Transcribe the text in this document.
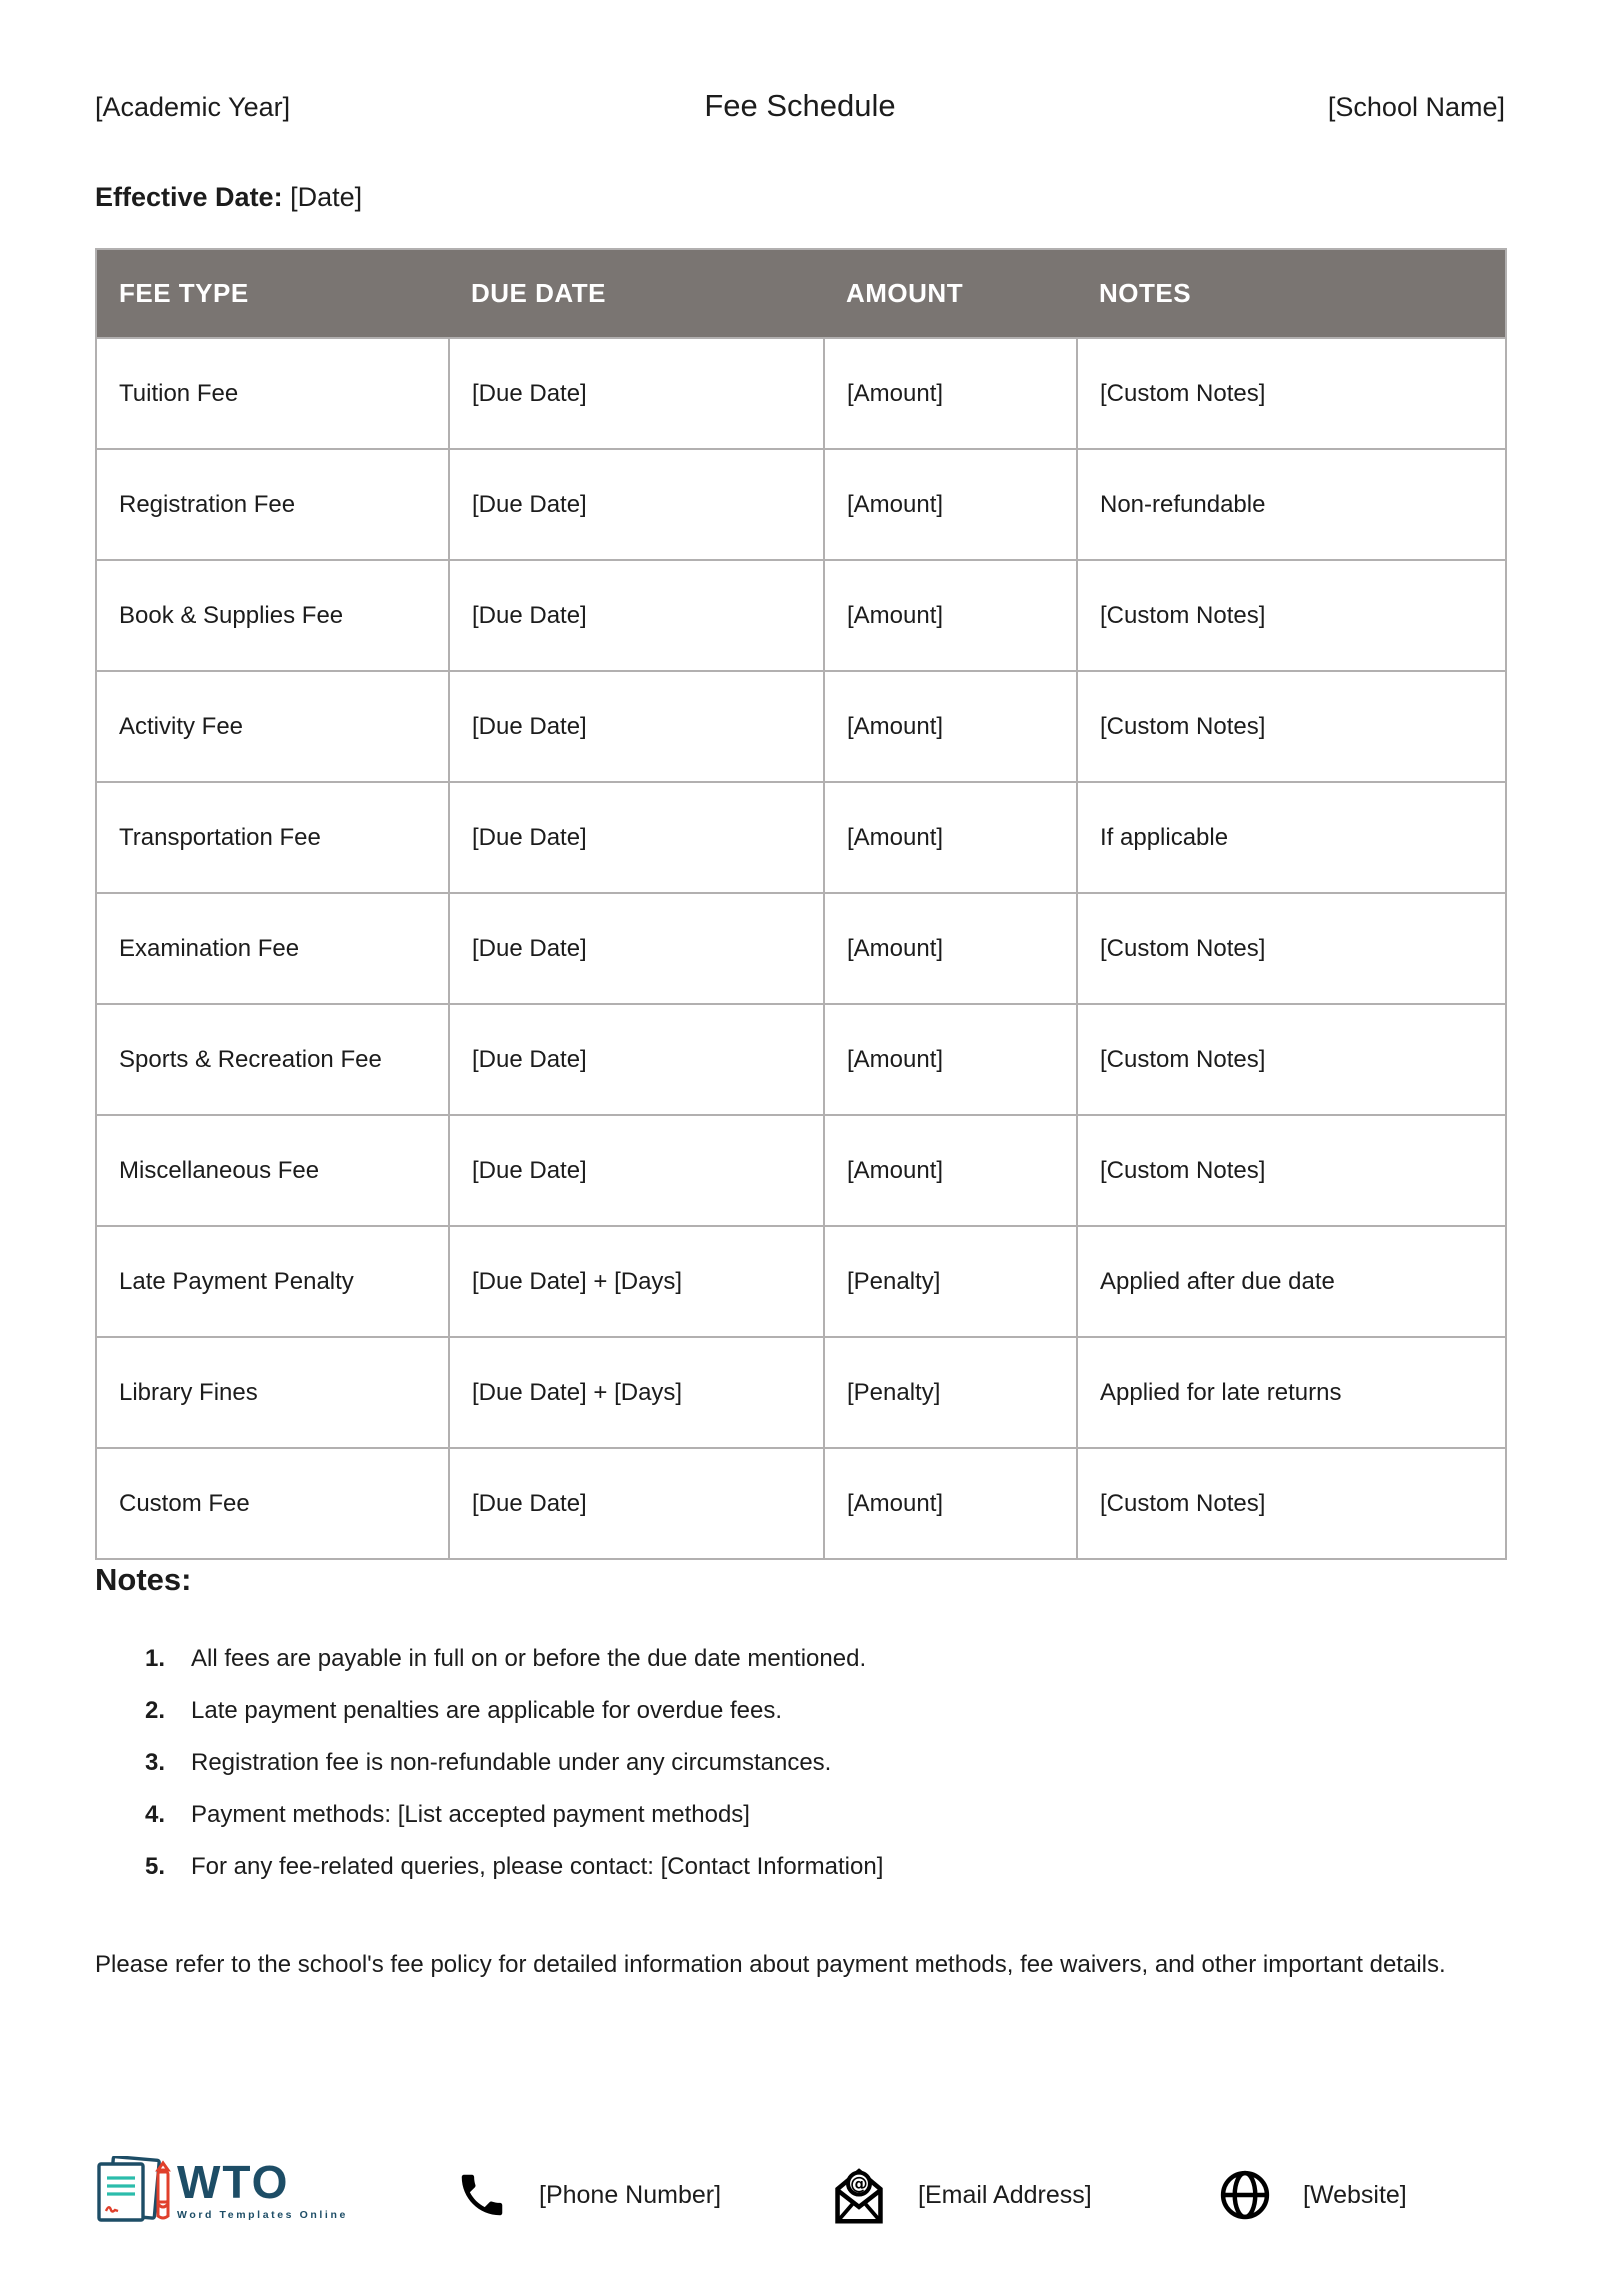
[Academic Year]	Fee Schedule	[School Name]
Effective Date: [Date]
FEE TYPE	DUE DATE	AMOUNT	NOTES
Tuition Fee	[Due Date]	[Amount]	[Custom Notes]
Registration Fee	[Due Date]	[Amount]	Non-refundable
Book & Supplies Fee	[Due Date]	[Amount]	[Custom Notes]
Activity Fee	[Due Date]	[Amount]	[Custom Notes]
Transportation Fee	[Due Date]	[Amount]	If applicable
Examination Fee	[Due Date]	[Amount]	[Custom Notes]
Sports & Recreation Fee	[Due Date]	[Amount]	[Custom Notes]
Miscellaneous Fee	[Due Date]	[Amount]	[Custom Notes]
Late Payment Penalty	[Due Date] + [Days]	[Penalty]	Applied after due date
Library Fines	[Due Date] + [Days]	[Penalty]	Applied for late returns
Custom Fee	[Due Date]	[Amount]	[Custom Notes]
Notes:
1.	All fees are payable in full on or before the due date mentioned.
2.	Late payment penalties are applicable for overdue fees.
3.	Registration fee is non-refundable under any circumstances.
4.	Payment methods: [List accepted payment methods]
5.	For any fee-related queries, please contact: [Contact Information]

Please refer to the school's fee policy for detailed information about payment methods, fee waivers, and other important details.

WTO
Word Templates Online
[Phone Number]	@ [Email Address]	[Website]
